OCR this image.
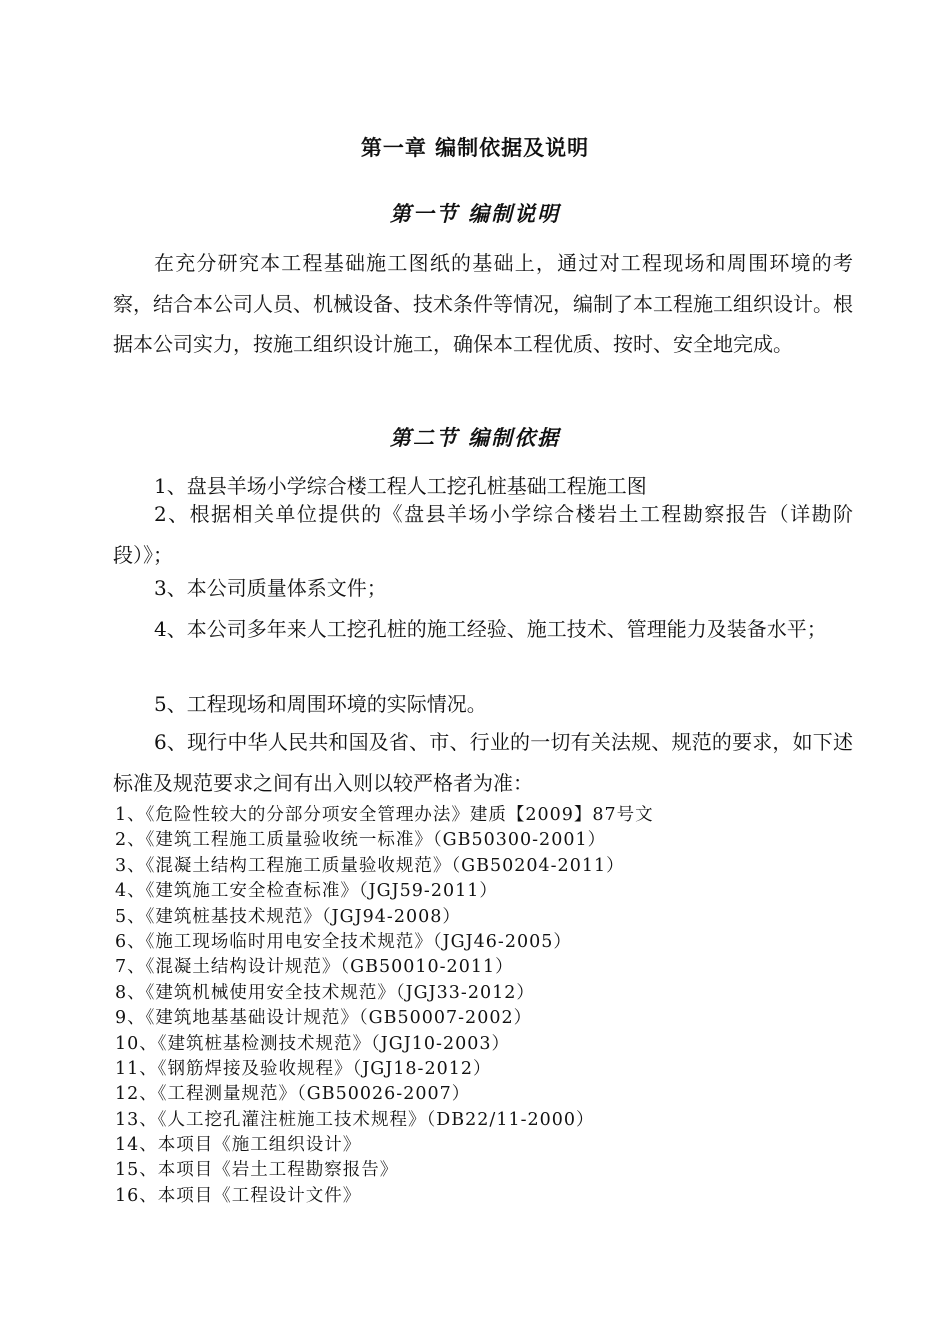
第一章 编制依据及说明
第一节 编制说明
在充分研究本工程基础施工图纸的基础上，通过对工程现场和周围环境的考察，结合本公司人员、机械设备、技术条件等情况，编制了本工程施工组织设计。根据本公司实力，按施工组织设计施工，确保本工程优质、按时、安全地完成。
第二节 编制依据
1、盘县羊场小学综合楼工程人工挖孔桩基础工程施工图
2、根据相关单位提供的《盘县羊场小学综合楼岩土工程勘察报告（详勘阶段）》；
3、本公司质量体系文件；
4、本公司多年来人工挖孔桩的施工经验、施工技术、管理能力及装备水平；
5、工程现场和周围环境的实际情况。
6、现行中华人民共和国及省、市、行业的一切有关法规、规范的要求，如下述标准及规范要求之间有出入则以较严格者为准：
1、《危险性较大的分部分项安全管理办法》建质【2009】87号文
2、《建筑工程施工质量验收统一标准》（GB50300-2001）
3、《混凝土结构工程施工质量验收规范》（GB50204-2011）
4、《建筑施工安全检查标准》（JGJ59-2011）
5、《建筑桩基技术规范》（JGJ94-2008）
6、《施工现场临时用电安全技术规范》（JGJ46-2005）
7、《混凝土结构设计规范》（GB50010-2011）
8、《建筑机械使用安全技术规范》（JGJ33-2012）
9、《建筑地基基础设计规范》（GB50007-2002）
10、《建筑桩基检测技术规范》（JGJ10-2003）
11、《钢筋焊接及验收规程》（JGJ18-2012）
12、《工程测量规范》（GB50026-2007）
13、《人工挖孔灌注桩施工技术规程》（DB22/11-2000）
14、本项目《施工组织设计》
15、本项目《岩土工程勘察报告》
16、本项目《工程设计文件》
